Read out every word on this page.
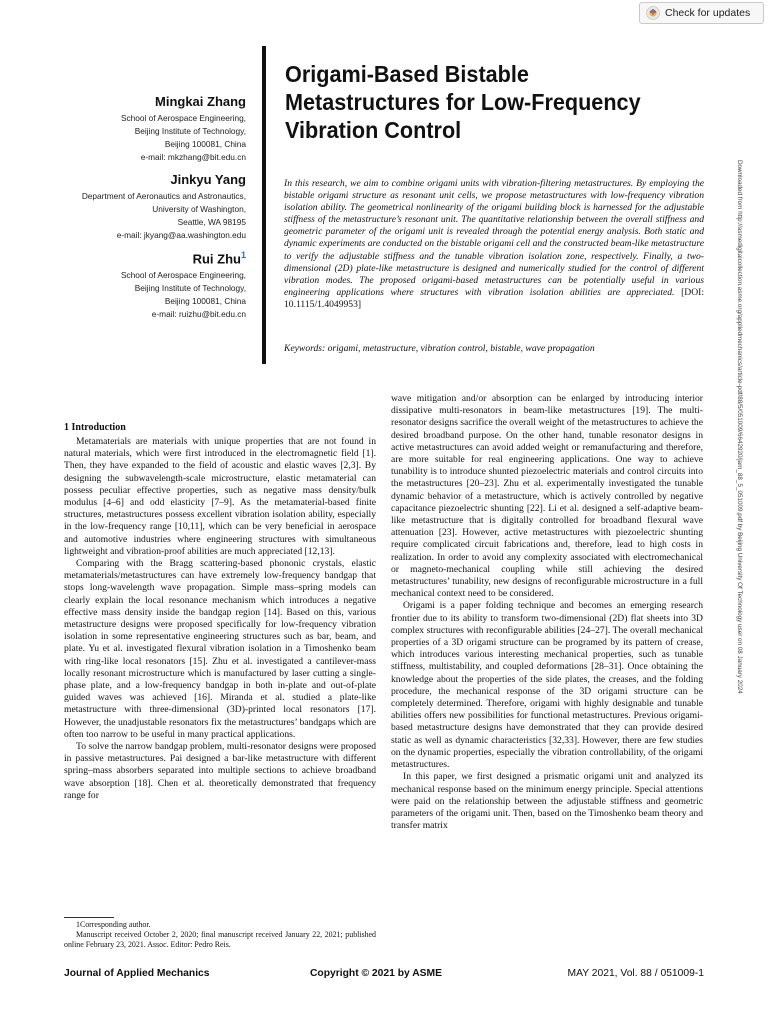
Check for updates
Mingkai Zhang
School of Aerospace Engineering,
Beijing Institute of Technology,
Beijing 100081, China
e-mail: mkzhang@bit.edu.cn
Jinkyu Yang
Department of Aeronautics and Astronautics,
University of Washington,
Seattle, WA 98195
e-mail: jkyang@aa.washington.edu
Rui Zhu$^1$
School of Aerospace Engineering,
Beijing Institute of Technology,
Beijing 100081, China
e-mail: ruizhu@bit.edu.cn
Origami-Based Bistable Metastructures for Low-Frequency Vibration Control
In this research, we aim to combine origami units with vibration-filtering metastructures. By employing the bistable origami structure as resonant unit cells, we propose metastructures with low-frequency vibration isolation ability. The geometrical nonlinearity of the origami building block is harnessed for the adjustable stiffness of the metastructure’s resonant unit. The quantitative relationship between the overall stiffness and geometric parameter of the origami unit is revealed through the potential energy analysis. Both static and dynamic experiments are conducted on the bistable origami cell and the constructed beam-like metastructure to verify the adjustable stiffness and the tunable vibration isolation zone, respectively. Finally, a two-dimensional (2D) plate-like metastructure is designed and numerically studied for the control of different vibration modes. The proposed origami-based metastructures can be potentially useful in various engineering applications where structures with vibration isolation abilities are appreciated. [DOI: 10.1115/1.4049953]
Keywords: origami, metastructure, vibration control, bistable, wave propagation	Downloaded from http://asmedigitalcollection.asme.org/appliedmechanics/article-pdf/88/5/051009/6642920/jam_88_5_051009.pdf by Beijing University Of Technology user on 08 January 2024
1 Introduction

Metamaterials are materials with unique properties that are not found in natural materials, which were first introduced in the electromagnetic field [1]. Then, they have expanded to the field of acoustic and elastic waves [2,3]. By designing the subwavelength-scale microstructure, elastic metamaterial can possess peculiar effective properties, such as negative mass density/bulk modulus [4–6] and odd elasticity [7–9]. As the metamaterial-based finite structures, metastructures possess excellent vibration isolation ability, especially in the low-frequency range [10,11], which can be very beneficial in aerospace and automotive industries where engineering structures with simultaneous lightweight and vibration-proof abilities are much appreciated [12,13].

Comparing with the Bragg scattering-based phononic crystals, elastic metamaterials/metastructures can have extremely low-frequency bandgap that stops long-wavelength wave propagation. Simple mass–spring models can clearly explain the local resonance mechanism which introduces a negative effective mass density inside the bandgap region [14]. Based on this, various metastructure designs were proposed specifically for low-frequency vibration isolation in some representative engineering structures such as bar, beam, and plate. Yu et al. investigated flexural vibration isolation in a Timoshenko beam with ring-like local resonators [15]. Zhu et al. investigated a cantilever-mass locally resonant microstructure which is manufactured by laser cutting a single-phase plate, and a low-frequency bandgap in both in-plate and out-of-plate guided waves was achieved [16]. Miranda et al. studied a plate-like metastructure with three-dimensional (3D)-printed local resonators [17]. However, the unadjustable resonators fix the metastructures’ bandgaps which are often too narrow to be useful in many practical applications.

To solve the narrow bandgap problem, multi-resonator designs were proposed in passive metastructures. Pai designed a bar-like metastructure with different spring–mass absorbers separated into multiple sections to achieve broadband wave absorption [18]. Chen et al. theoretically demonstrated that frequency range for

wave mitigation and/or absorption can be enlarged by introducing interior dissipative multi-resonators in beam-like metastructures [19]. The multi-resonator designs sacrifice the overall weight of the metastructures to achieve the desired broadband purpose. On the other hand, tunable resonator designs in active metastructures can avoid added weight or remanufacturing and therefore, are more suitable for real engineering applications. One way to achieve tunability is to introduce shunted piezoelectric materials and control circuits into the metastructures [20–23]. Zhu et al. experimentally investigated the tunable dynamic behavior of a metastructure, which is actively controlled by negative capacitance piezoelectric shunting [22]. Li et al. designed a self-adaptive beam-like metastructure that is digitally controlled for broadband flexural wave attenuation [23]. However, active metastructures with piezoelectric shunting require complicated circuit fabrications and, therefore, lead to high costs in realization. In order to avoid any complexity associated with electromechanical or magneto-mechanical coupling while still achieving the desired metastructures’ tunability, new designs of reconfigurable microstructure in a full mechanical context need to be considered.

Origami is a paper folding technique and becomes an emerging research frontier due to its ability to transform two-dimensional (2D) flat sheets into 3D complex structures with reconfigurable abilities [24–27]. The overall mechanical properties of a 3D origami structure can be programed by its pattern of crease, which introduces various interesting mechanical properties, such as tunable stiffness, multistability, and coupled deformations [28–31]. Once obtaining the knowledge about the properties of the side plates, the creases, and the folding procedure, the mechanical response of the 3D origami structure can be completely determined. Therefore, origami with highly designable and tunable abilities offers new possibilities for functional metastructures. Previous origami-based metastructure designs have demonstrated that they can provide desired static as well as dynamic characteristics [32,33]. However, there are few studies on the dynamic properties, especially the vibration controllability, of the origami metastructures.

In this paper, we first designed a prismatic origami unit and analyzed its mechanical response based on the minimum energy principle. Special attentions were paid on the relationship between the adjustable stiffness and geometric parameters of the origami unit. Then, based on the Timoshenko beam theory and transfer matrix

1Corresponding author.

Manuscript received October 2, 2020; final manuscript received January 22, 2021; published online February 23, 2021. Assoc. Editor: Pedro Reis.

Journal of Applied Mechanics	Copyright © 2021 by ASME	MAY 2021, Vol. 88 / 051009-1
